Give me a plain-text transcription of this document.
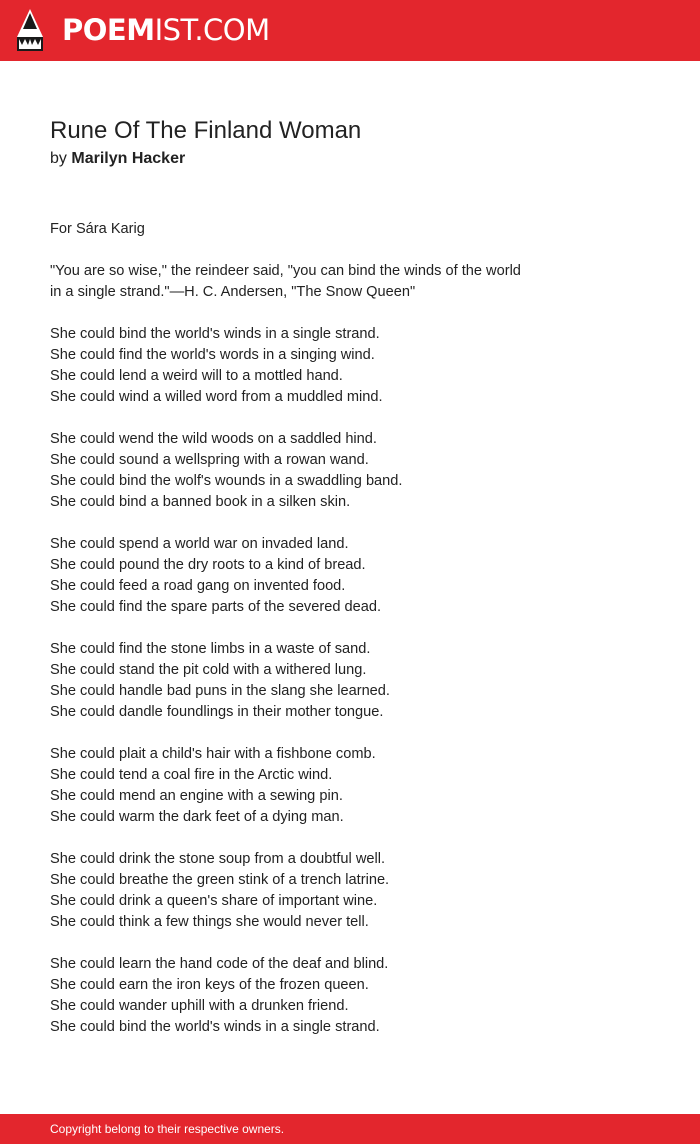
POEMIST.COM
Rune Of The Finland Woman
by Marilyn Hacker
For Sára Karig
"You are so wise," the reindeer said, "you can bind the winds of the world
in a single strand."—H. C. Andersen, "The Snow Queen"
She could bind the world's winds in a single strand.
She could find the world's words in a singing wind.
She could lend a weird will to a mottled hand.
She could wind a willed word from a muddled mind.
She could wend the wild woods on a saddled hind.
She could sound a wellspring with a rowan wand.
She could bind the wolf's wounds in a swaddling band.
She could bind a banned book in a silken skin.
She could spend a world war on invaded land.
She could pound the dry roots to a kind of bread.
She could feed a road gang on invented food.
She could find the spare parts of the severed dead.
She could find the stone limbs in a waste of sand.
She could stand the pit cold with a withered lung.
She could handle bad puns in the slang she learned.
She could dandle foundlings in their mother tongue.
She could plait a child's hair with a fishbone comb.
She could tend a coal fire in the Arctic wind.
She could mend an engine with a sewing pin.
She could warm the dark feet of a dying man.
She could drink the stone soup from a doubtful well.
She could breathe the green stink of a trench latrine.
She could drink a queen's share of important wine.
She could think a few things she would never tell.
She could learn the hand code of the deaf and blind.
She could earn the iron keys of the frozen queen.
She could wander uphill with a drunken friend.
She could bind the world's winds in a single strand.
Copyright belong to their respective owners.
